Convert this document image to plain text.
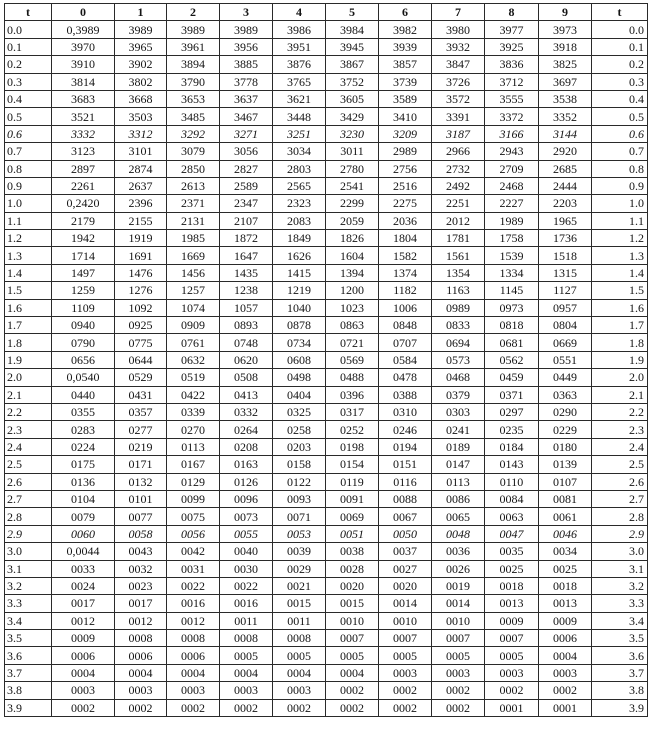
t	0	1	2	3	4	5	6	7	8	9	t
0.0	0,3989	3989	3989	3989	3986	3984	3982	3980	3977	3973	0.0
0.1	3970	3965	3961	3956	3951	3945	3939	3932	3925	3918	0.1
0.2	3910	3902	3894	3885	3876	3867	3857	3847	3836	3825	0.2
0.3	3814	3802	3790	3778	3765	3752	3739	3726	3712	3697	0.3
0.4	3683	3668	3653	3637	3621	3605	3589	3572	3555	3538	0.4
0.5	3521	3503	3485	3467	3448	3429	3410	3391	3372	3352	0.5
0.6	3332	3312	3292	3271	3251	3230	3209	3187	3166	3144	0.6
0.7	3123	3101	3079	3056	3034	3011	2989	2966	2943	2920	0.7
0.8	2897	2874	2850	2827	2803	2780	2756	2732	2709	2685	0.8
0.9	2261	2637	2613	2589	2565	2541	2516	2492	2468	2444	0.9
1.0	0,2420	2396	2371	2347	2323	2299	2275	2251	2227	2203	1.0
1.1	2179	2155	2131	2107	2083	2059	2036	2012	1989	1965	1.1
1.2	1942	1919	1985	1872	1849	1826	1804	1781	1758	1736	1.2
1.3	1714	1691	1669	1647	1626	1604	1582	1561	1539	1518	1.3
1.4	1497	1476	1456	1435	1415	1394	1374	1354	1334	1315	1.4
1.5	1259	1276	1257	1238	1219	1200	1182	1163	1145	1127	1.5
1.6	1109	1092	1074	1057	1040	1023	1006	0989	0973	0957	1.6
1.7	0940	0925	0909	0893	0878	0863	0848	0833	0818	0804	1.7
1.8	0790	0775	0761	0748	0734	0721	0707	0694	0681	0669	1.8
1.9	0656	0644	0632	0620	0608	0569	0584	0573	0562	0551	1.9
2.0	0,0540	0529	0519	0508	0498	0488	0478	0468	0459	0449	2.0
2.1	0440	0431	0422	0413	0404	0396	0388	0379	0371	0363	2.1
2.2	0355	0357	0339	0332	0325	0317	0310	0303	0297	0290	2.2
2.3	0283	0277	0270	0264	0258	0252	0246	0241	0235	0229	2.3
2.4	0224	0219	0113	0208	0203	0198	0194	0189	0184	0180	2.4
2.5	0175	0171	0167	0163	0158	0154	0151	0147	0143	0139	2.5
2.6	0136	0132	0129	0126	0122	0119	0116	0113	0110	0107	2.6
2.7	0104	0101	0099	0096	0093	0091	0088	0086	0084	0081	2.7
2.8	0079	0077	0075	0073	0071	0069	0067	0065	0063	0061	2.8
2.9	0060	0058	0056	0055	0053	0051	0050	0048	0047	0046	2.9
3.0	0,0044	0043	0042	0040	0039	0038	0037	0036	0035	0034	3.0
3.1	0033	0032	0031	0030	0029	0028	0027	0026	0025	0025	3.1
3.2	0024	0023	0022	0022	0021	0020	0020	0019	0018	0018	3.2
3.3	0017	0017	0016	0016	0015	0015	0014	0014	0013	0013	3.3
3.4	0012	0012	0012	0011	0011	0010	0010	0010	0009	0009	3.4
3.5	0009	0008	0008	0008	0008	0007	0007	0007	0007	0006	3.5
3.6	0006	0006	0006	0005	0005	0005	0005	0005	0005	0004	3.6
3.7	0004	0004	0004	0004	0004	0004	0003	0003	0003	0003	3.7
3.8	0003	0003	0003	0003	0003	0002	0002	0002	0002	0002	3.8
3.9	0002	0002	0002	0002	0002	0002	0002	0002	0001	0001	3.9
